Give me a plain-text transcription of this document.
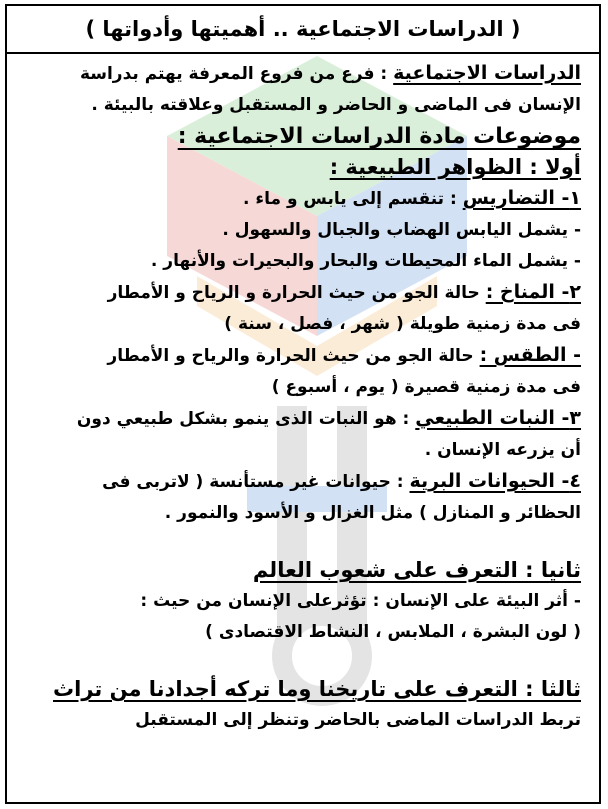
( الدراسات الاجتماعية .. أهميتها وأدواتها )
الدراسات الاجتماعية : فرع من فروع المعرفة يهتم بدراسة
الإنسان فى الماضى و الحاضر و المستقبل وعلاقته بالبيئة .
موضوعات مادة الدراسات الاجتماعية :
أولا : الظواهر الطبيعية :
١- التضاريس : تنقسم إلى يابس و ماء .
- يشمل اليابس الهضاب والجبال والسهول .
- يشمل الماء المحيطات والبحار والبحيرات والأنهار .
٢- المناخ : حالة الجو من حيث الحرارة و الرياح و الأمطار
فى مدة زمنية طويلة ( شهر ، فصل ، سنة )
- الطقس : حالة الجو من حيث الحرارة والرياح و الأمطار
فى مدة زمنية قصيرة ( يوم ، أسبوع )
٣- النبات الطبيعي : هو النبات الذى ينمو بشكل طبيعي دون
أن يزرعه الإنسان .
٤- الحيوانات البرية : حيوانات غير مستأنسة ( لاتربى فى
الحظائر و المنازل ) مثل الغزال و الأسود والنمور .
ثانيا : التعرف على شعوب العالم
- أثر البيئة على الإنسان : تؤثرعلى الإنسان من حيث :
( لون البشرة ، الملابس ، النشاط الاقتصادى )
ثالثا : التعرف على تاريخنا وما تركه أجدادنا من تراث
تربط الدراسات الماضى بالحاضر وتنظر إلى المستقبل
